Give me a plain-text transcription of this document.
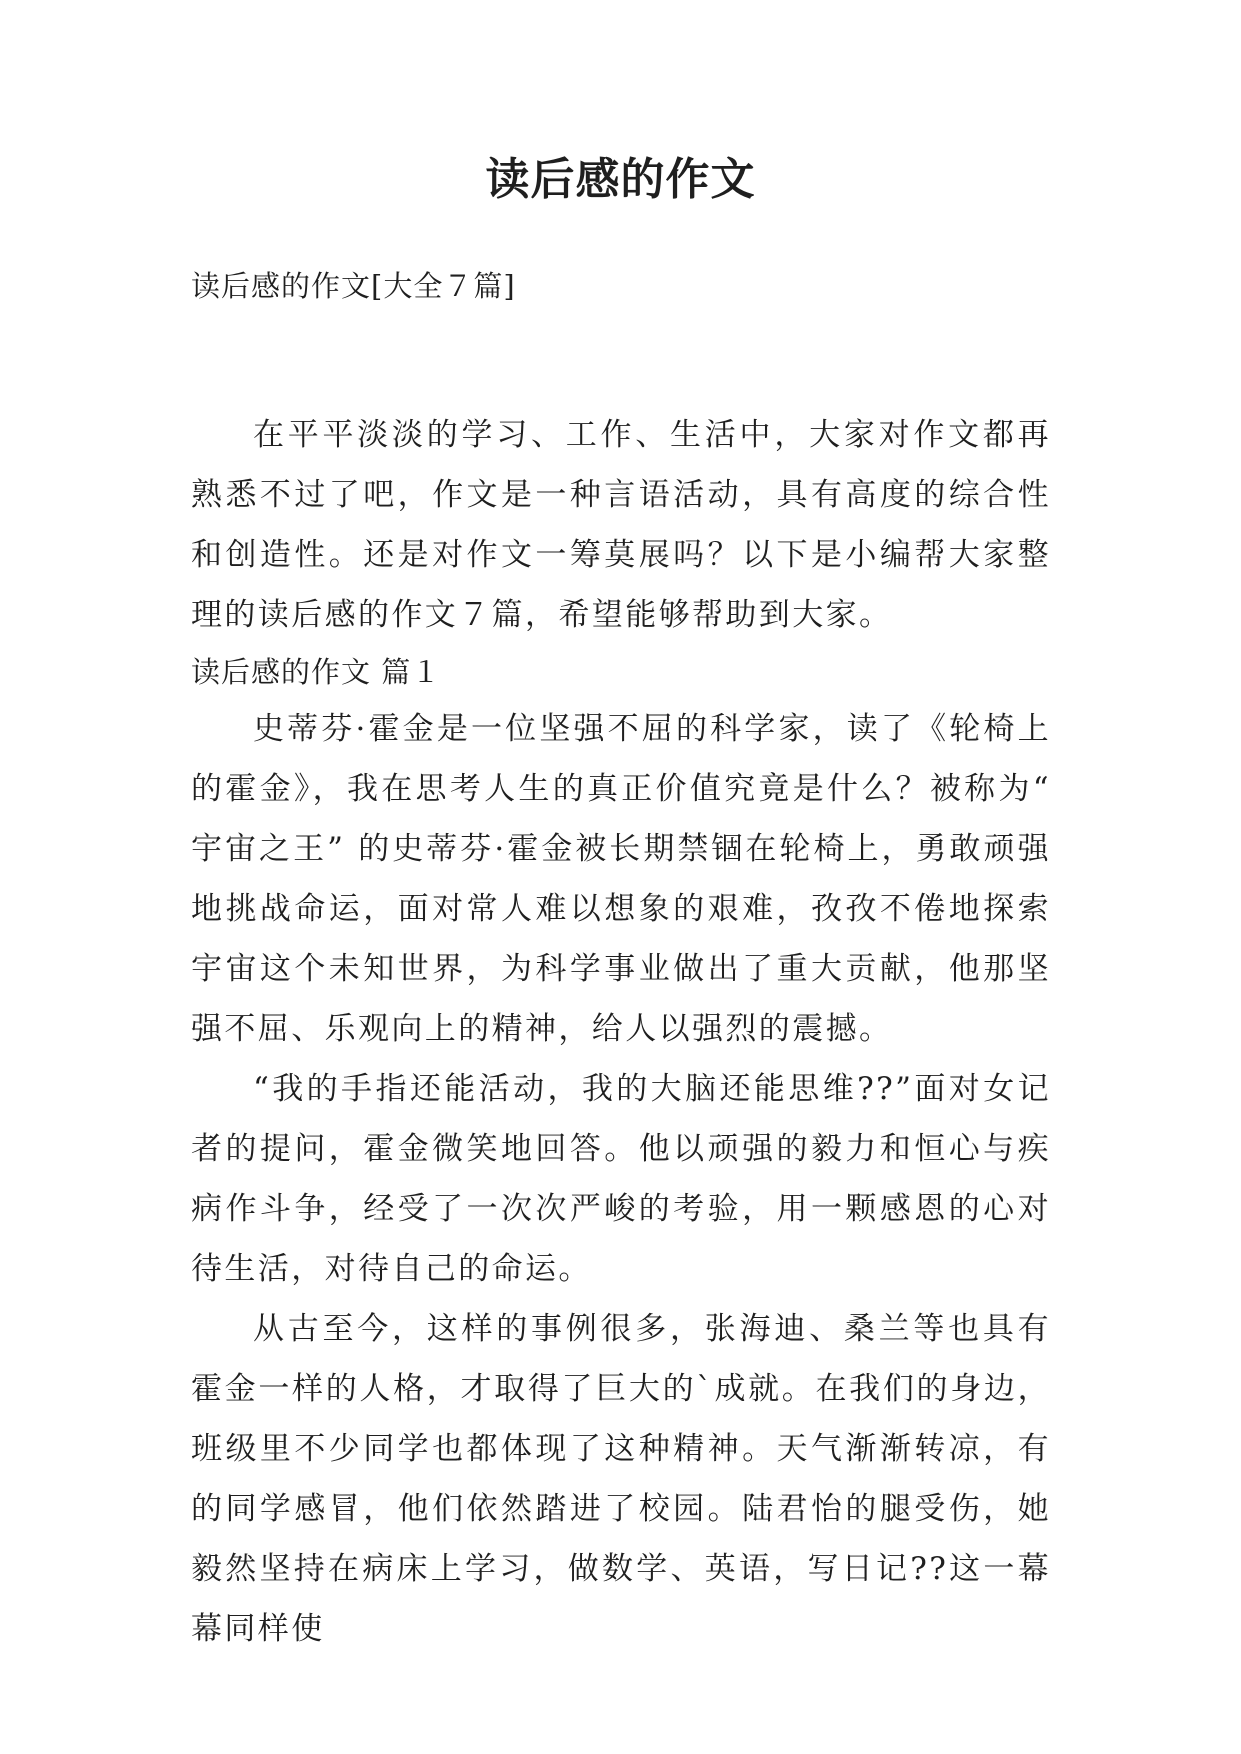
读后感的作文

读后感的作文[大全７篇]

在平平淡淡的学习、工作、生活中，大家对作文都再熟悉不过了吧，作文是一种言语活动，具有高度的综合性和创造性。还是对作文一筹莫展吗？以下是小编帮大家整理的读后感的作文７篇，希望能够帮助到大家。

读后感的作文 篇１

史蒂芬·霍金是一位坚强不屈的科学家，读了《轮椅上的霍金》，我在思考人生的真正价值究竟是什么？被称为“ 宇宙之王” 的史蒂芬·霍金被长期禁锢在轮椅上，勇敢顽强地挑战命运，面对常人难以想象的艰难，孜孜不倦地探索宇宙这个未知世界，为科学事业做出了重大贡献，他那坚强不屈、乐观向上的精神，给人以强烈的震撼。

“我的手指还能活动，我的大脑还能思维??”面对女记者的提问，霍金微笑地回答。他以顽强的毅力和恒心与疾病作斗争，经受了一次次严峻的考验，用一颗感恩的心对待生活，对待自己的命运。

从古至今，这样的事例很多，张海迪、桑兰等也具有霍金一样的人格，才取得了巨大的`成就。在我们的身边，班级里不少同学也都体现了这种精神。天气渐渐转凉，有的同学感冒，他们依然踏进了校园。陆君怡的腿受伤，她毅然坚持在病床上学习，做数学、英语，写日记??这一幕幕同样使
